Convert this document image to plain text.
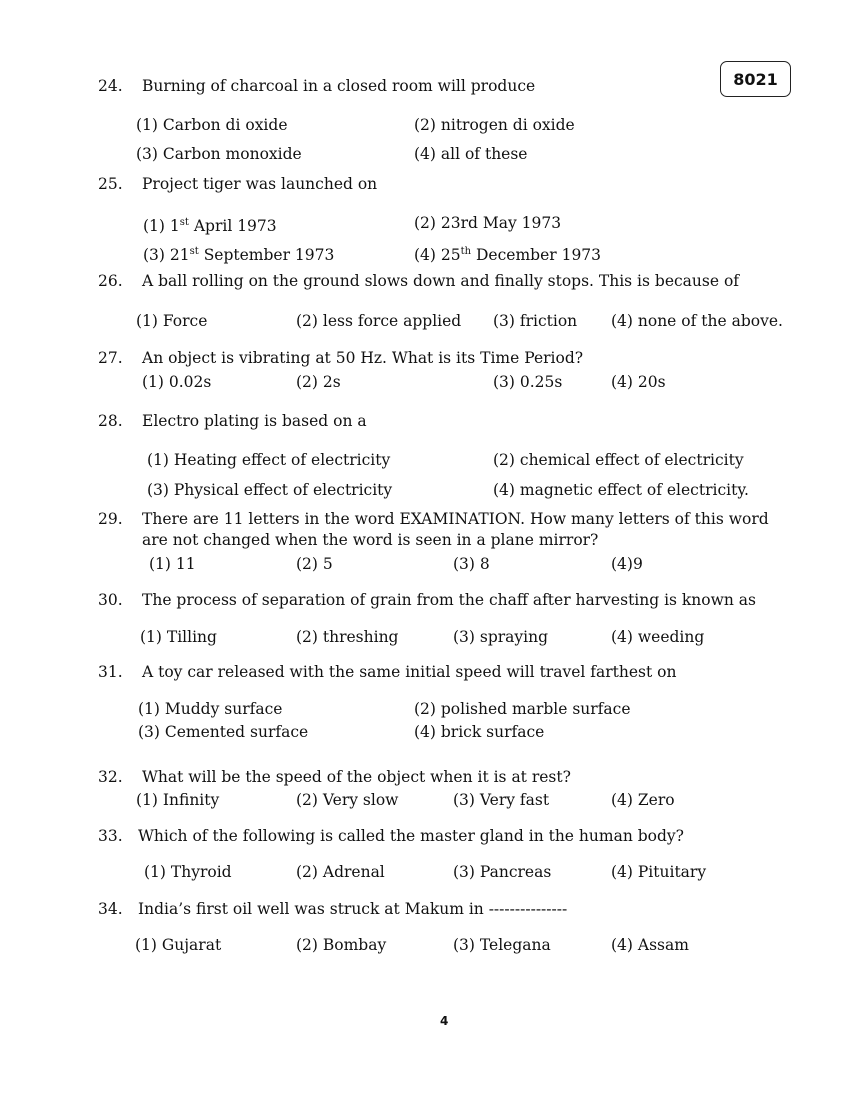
8021
24. Burning of charcoal in a closed room will produce
(1) Carbon di oxide	(2) nitrogen di oxide
(3) Carbon monoxide	(4) all of these
25. Project tiger was launched on
(1) 1st April 1973	(2) 23rd May 1973
(3) 21st September 1973	(4) 25th December 1973
26. A ball rolling on the ground slows down and finally stops. This is because of
(1) Force	(2) less force applied (3) friction (4) none of the above.
27. An object is vibrating at 50 Hz. What is its Time Period?
(1) 0.02s	(2) 2s	(3) 0.25s	(4) 20s
28. Electro plating is based on a
(1) Heating effect of electricity	(2) chemical effect of electricity
(3) Physical effect of electricity	(4) magnetic effect of electricity.
29. There are 11 letters in the word EXAMINATION. How many letters of this word
are not changed when the word is seen in a plane mirror?
(1) 11	(2) 5	(3) 8	(4)9
30. The process of separation of grain from the chaff after harvesting is known as
(1) Tilling	(2) threshing	(3) spraying	(4) weeding
31. A toy car released with the same initial speed will travel farthest on
(1) Muddy surface	(2) polished marble surface
(3) Cemented surface	(4) brick surface
32. What will be the speed of the object when it is at rest?
(1) Infinity	(2) Very slow	(3) Very fast	(4) Zero
33. Which of the following is called the master gland in the human body?
(1) Thyroid	(2) Adrenal	(3) Pancreas	(4) Pituitary
34. India’s first oil well was struck at Makum in ---------------
(1) Gujarat	(2) Bombay	(3) Telegana	(4) Assam
4
